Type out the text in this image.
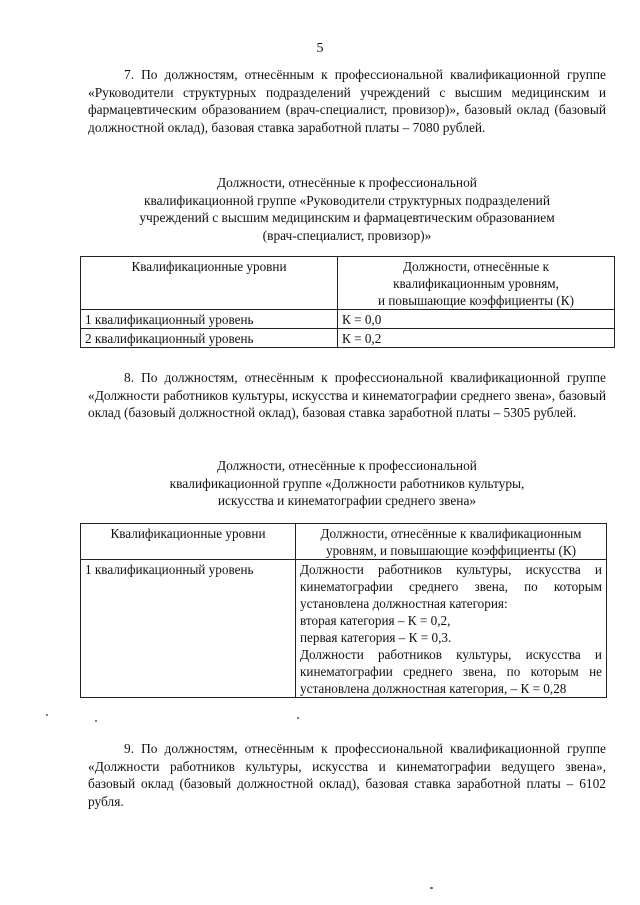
5
7. По должностям, отнесённым к профессиональной квалификационной группе «Руководители структурных подразделений учреждений с высшим медицинским и фармацевтическим образованием (врач-специалист, провизор)», базовый оклад (базовый должностной оклад), базовая ставка заработной платы – 7080 рублей.
Должности, отнесённые к профессиональной
квалификационной группе «Руководители структурных подразделений
учреждений с высшим медицинским и фармацевтическим образованием
(врач-специалист, провизор)»
Квалификационные уровни	Должности, отнесённые к
квалификационным уровням,
и повышающие коэффициенты (К)

1 квалификационный уровень	К = 0,0
2 квалификационный уровень	К = 0,2
8. По должностям, отнесённым к профессиональной квалификационной группе «Должности работников культуры, искусства и кинематографии среднего звена», базовый оклад (базовый должностной оклад), базовая ставка заработной платы – 5305 рублей.
Должности, отнесённые к профессиональной
квалификационной группе «Должности работников культуры,
искусства и кинематографии среднего звена»
Квалификационные уровни	Должности, отнесённые к квалификационным
уровням, и повышающие коэффициенты (К)

1 квалификационный уровень	Должности работников культуры, искусства и кинематографии среднего звена, по которым установлена должностная категория:
вторая категория – К = 0,2,
первая категория – К = 0,3.
Должности работников культуры, искусства и кинематографии среднего звена, по которым не установлена должностная категория, – К = 0,28
9. По должностям, отнесённым к профессиональной квалификационной группе «Должности работников культуры, искусства и кинематографии ведущего звена», базовый оклад (базовый должностной оклад), базовая ставка заработной платы – 6102 рубля.
